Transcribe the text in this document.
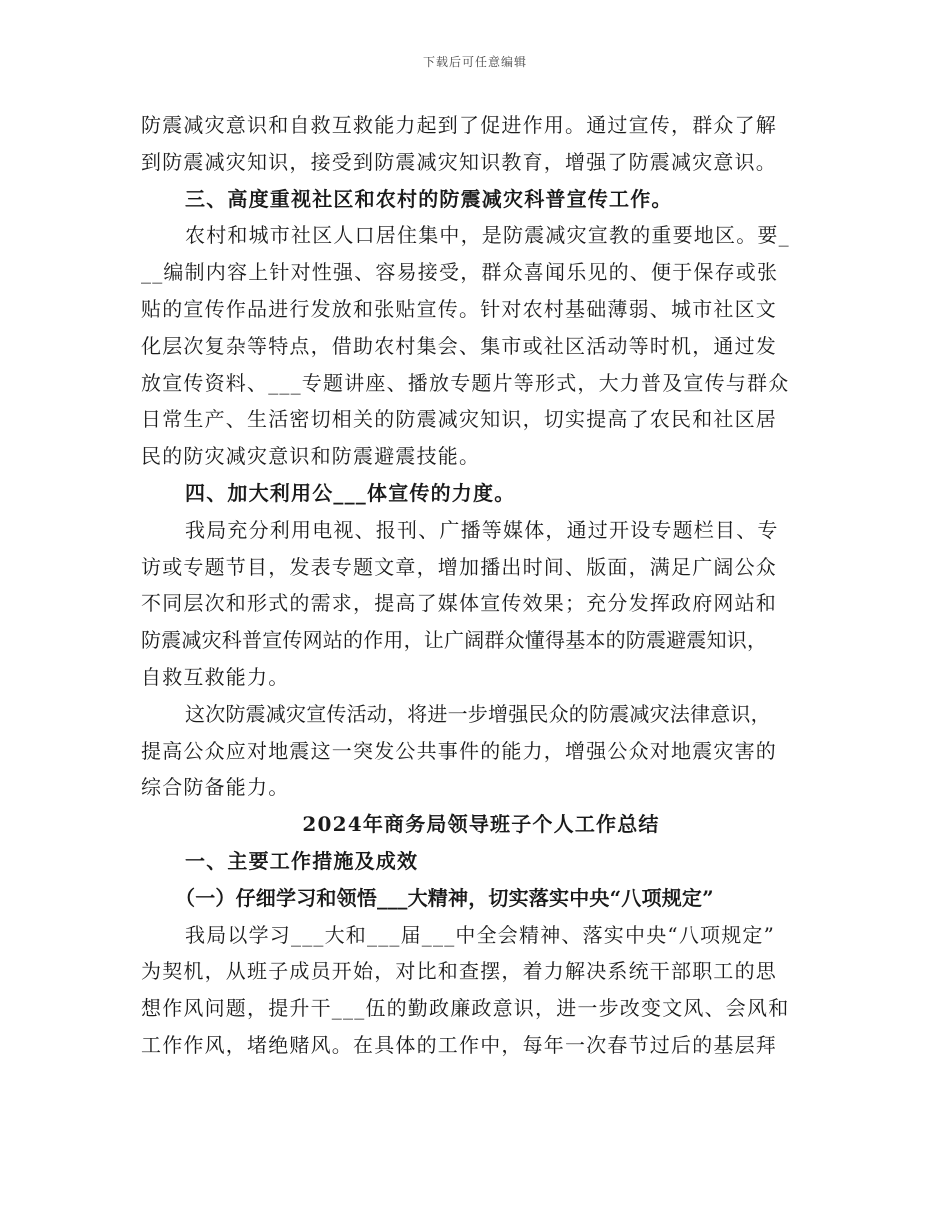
下载后可任意编辑
防震减灾意识和自救互救能力起到了促进作用。通过宣传，群众了解
到防震减灾知识，接受到防震减灾知识教育，增强了防震减灾意识。
三、高度重视社区和农村的防震减灾科普宣传工作。
农村和城市社区人口居住集中，是防震减灾宣教的重要地区。要_
__编制内容上针对性强、容易接受，群众喜闻乐见的、便于保存或张
贴的宣传作品进行发放和张贴宣传。针对农村基础薄弱、城市社区文
化层次复杂等特点，借助农村集会、集市或社区活动等时机，通过发
放宣传资料、___专题讲座、播放专题片等形式，大力普及宣传与群众
日常生产、生活密切相关的防震减灾知识，切实提高了农民和社区居
民的防灾减灾意识和防震避震技能。
四、加大利用公___体宣传的力度。
我局充分利用电视、报刊、广播等媒体，通过开设专题栏目、专
访或专题节目，发表专题文章，增加播出时间、版面，满足广阔公众
不同层次和形式的需求，提高了媒体宣传效果；充分发挥政府网站和
防震减灾科普宣传网站的作用，让广阔群众懂得基本的防震避震知识，
自救互救能力。
这次防震减灾宣传活动，将进一步增强民众的防震减灾法律意识，
提高公众应对地震这一突发公共事件的能力，增强公众对地震灾害的
综合防备能力。
2024年商务局领导班子个人工作总结
一、主要工作措施及成效
（一）仔细学习和领悟___大精神，切实落实中央“八项规定”
我局以学习___大和___届___中全会精神、落实中央“八项规定”
为契机，从班子成员开始，对比和查摆，着力解决系统干部职工的思
想作风问题，提升干___伍的勤政廉政意识，进一步改变文风、会风和
工作作风，堵绝赌风。在具体的工作中，每年一次春节过后的基层拜
